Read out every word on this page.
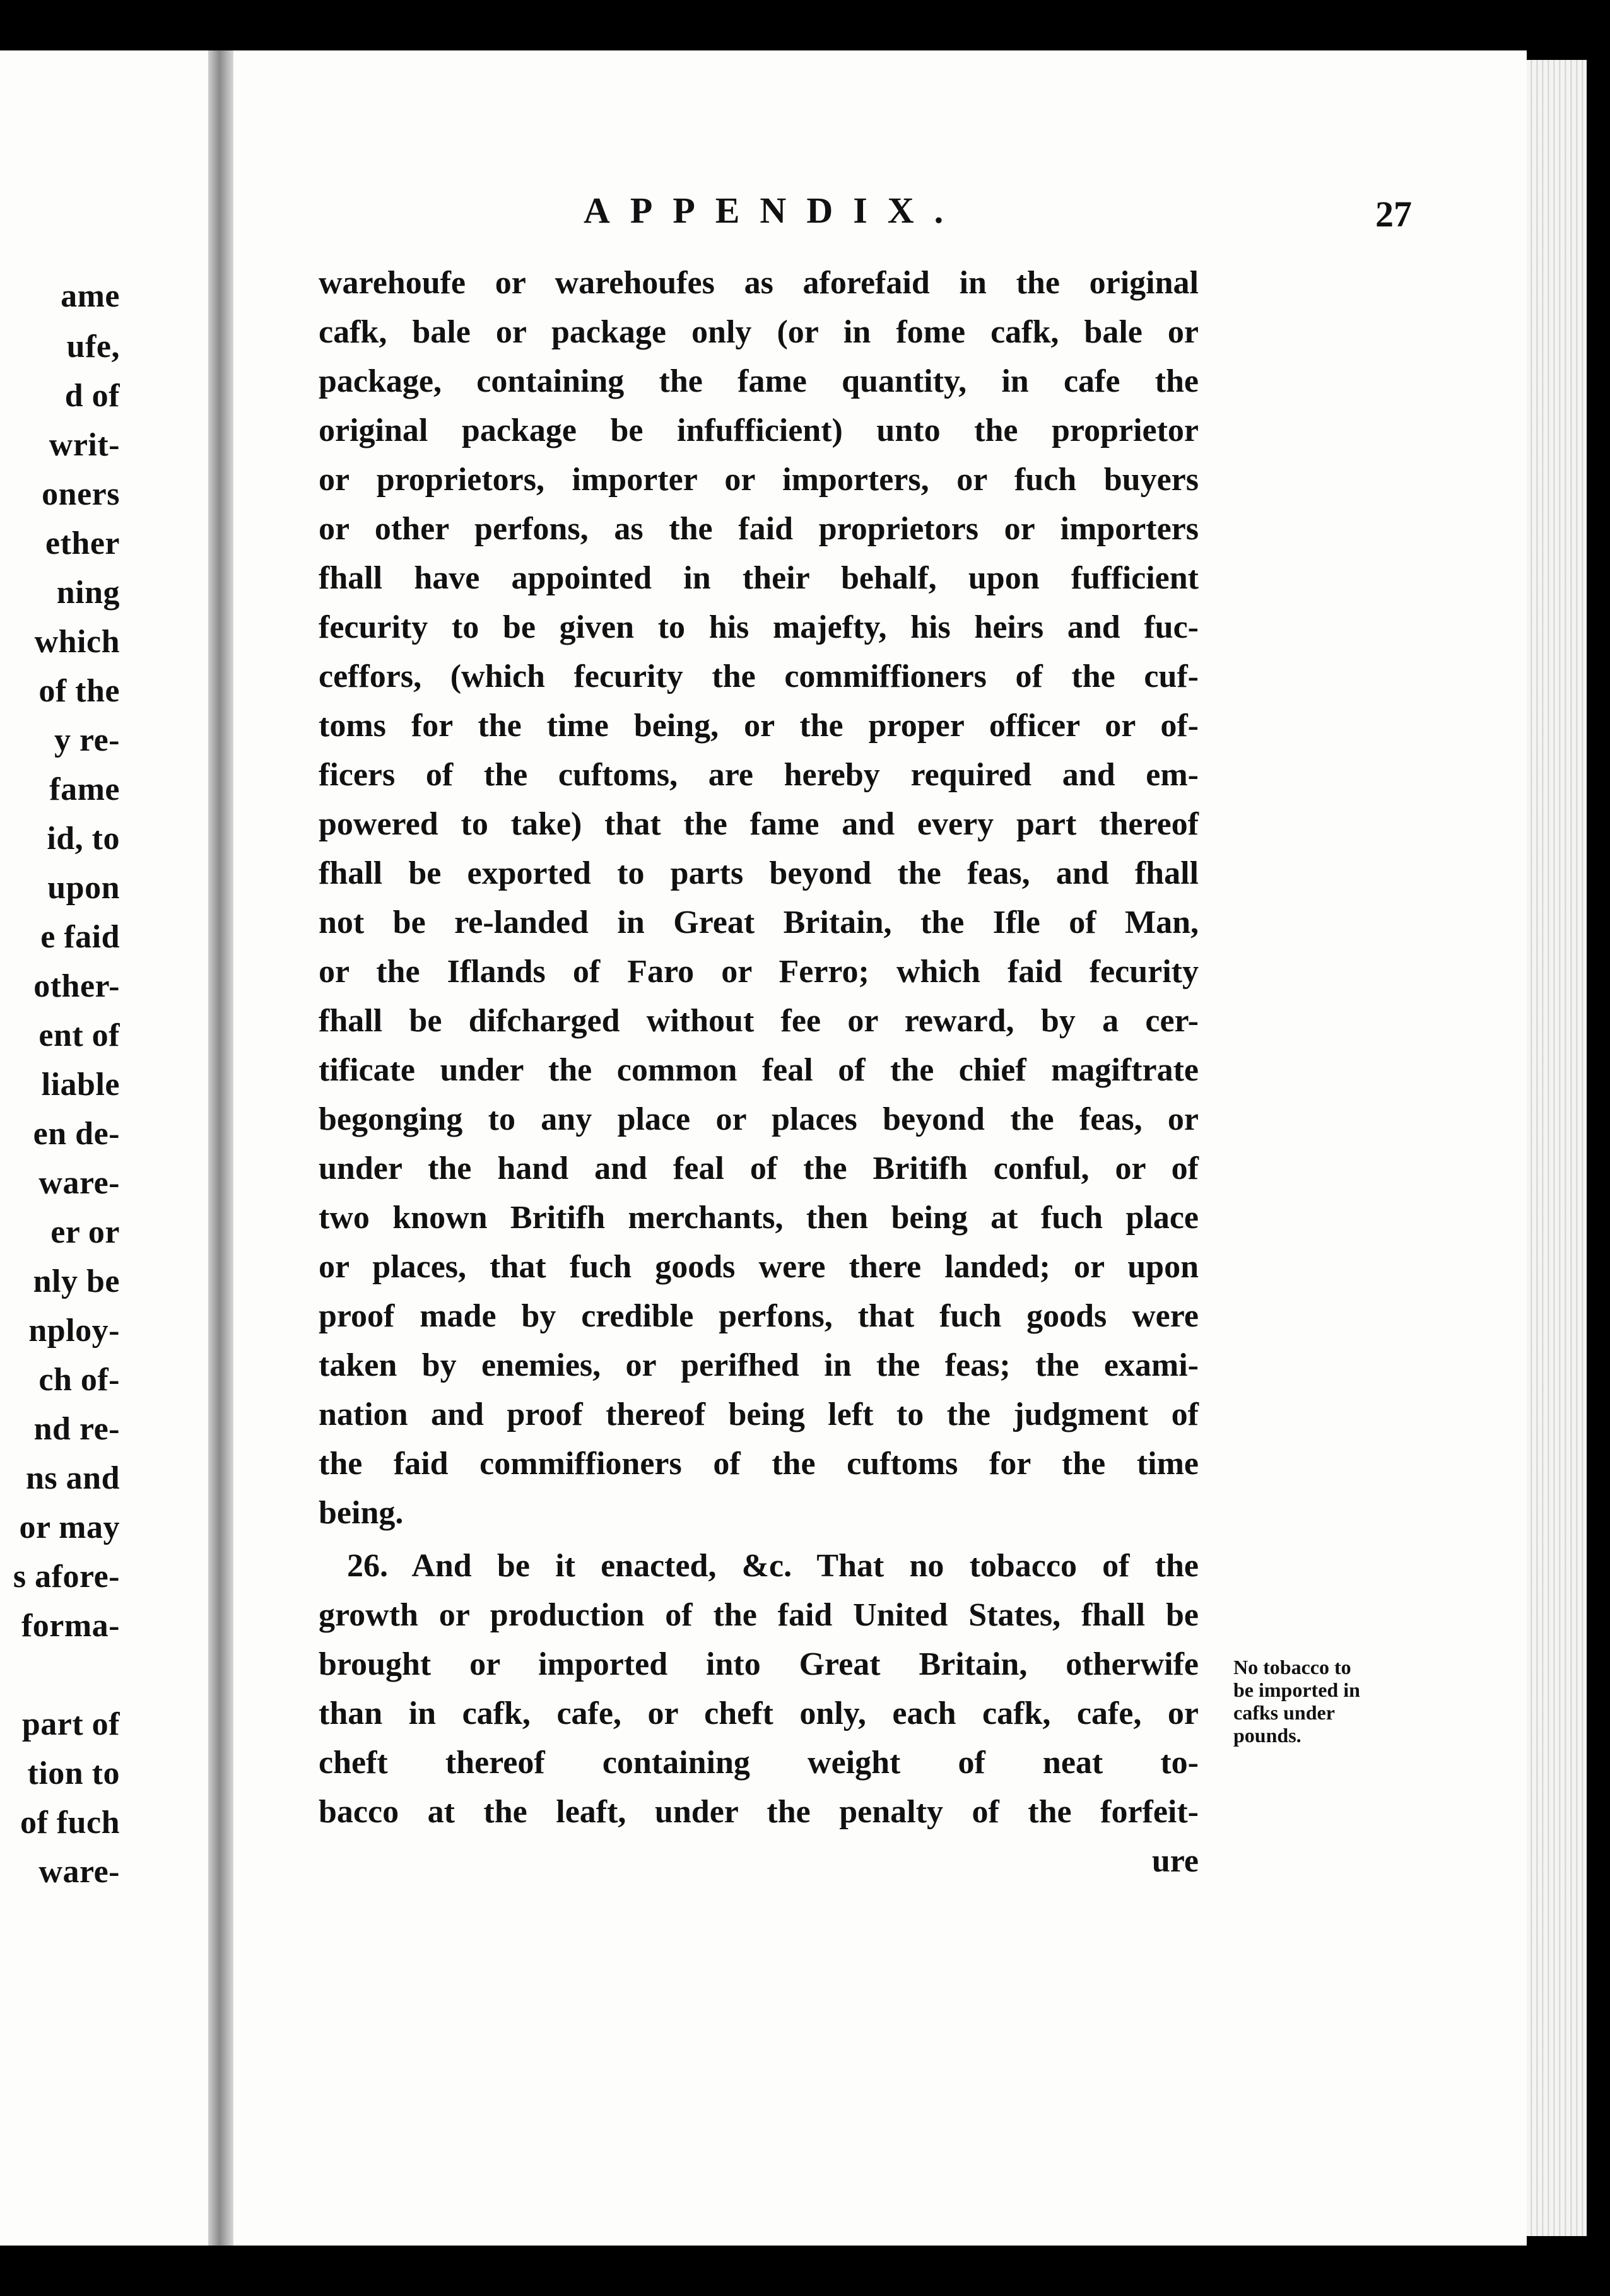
ame
ufe,
d of
writ-
oners
ether
ning
which
of the
y re-
fame
id, to
upon
e faid
other-
ent of
liable
en de-
ware-
er or
nly be
nploy-
ch of-
nd re-
ns and
or may
s afore-
forma-
part of
tion to
of fuch
ware-
APPENDIX.	27
warehoufe or warehoufes as aforefaid in the original
cafk, bale or package only (or in fome cafk, bale or
package, containing the fame quantity, in cafe the
original package be infufficient) unto the proprietor
or proprietors, importer or importers, or fuch buyers
or other perfons, as the faid proprietors or importers
fhall have appointed in their behalf, upon fufficient
fecurity to be given to his majefty, his heirs and fuc-
ceffors, (which fecurity the commiffioners of the cuf-
toms for the time being, or the proper officer or of-
ficers of the cuftoms, are hereby required and em-
powered to take) that the fame and every part thereof
fhall be exported to parts beyond the feas, and fhall
not be re-landed in Great Britain, the Ifle of Man,
or the Iflands of Faro or Ferro; which faid fecurity
fhall be difcharged without fee or reward, by a cer-
tificate under the common feal of the chief magiftrate
begonging to any place or places beyond the feas, or
under the hand and feal of the Britifh conful, or of
two known Britifh merchants, then being at fuch place
or places, that fuch goods were there landed; or upon
proof made by credible perfons, that fuch goods were
taken by enemies, or perifhed in the feas; the exami-
nation and proof thereof being left to the judgment of
the faid commiffioners of the cuftoms for the time
being.
26. And be it enacted, &c. That no tobacco of the
growth or production of the faid United States, fhall be
brought or imported into Great Britain, otherwife
than in cafk, cafe, or cheft only, each cafk, cafe, or
cheft thereof containing weight of neat to-
bacco at the leaft, under the penalty of the forfeit-
ure
No tobacco to
be imported in
cafks under
pounds.
